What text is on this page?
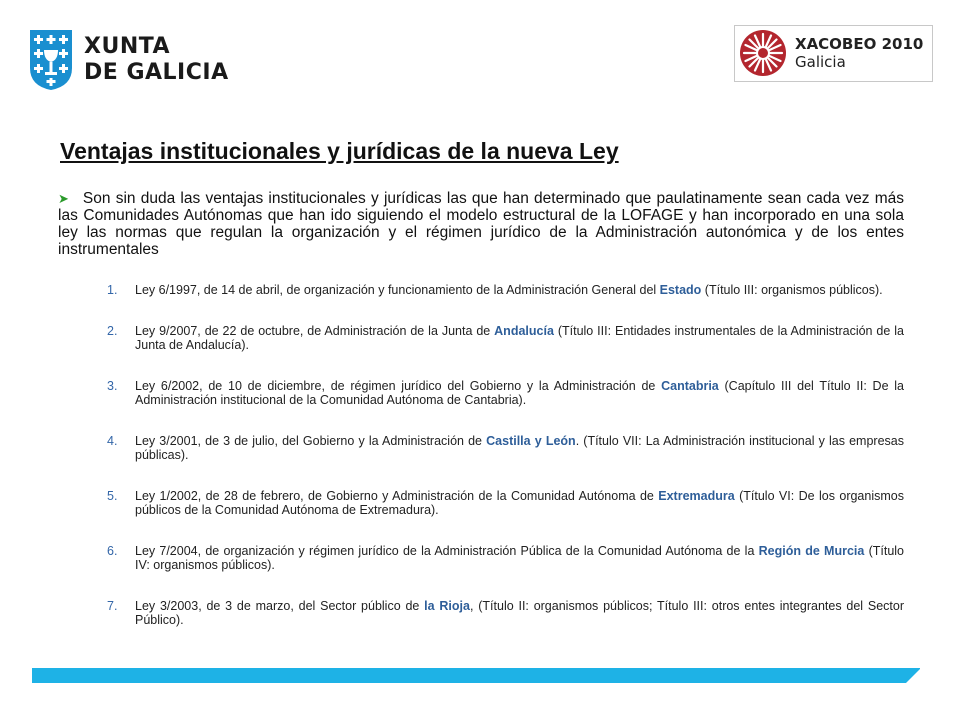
XUNTA
DE GALICIA
XACOBEO 2010
Galicia
Ventajas institucionales y jurídicas de la nueva Ley
➤ Son sin duda las ventajas institucionales y jurídicas las que han determinado que paulatinamente sean cada vez más las Comunidades Autónomas que han ido siguiendo el modelo estructural de la LOFAGE y han incorporado en una sola ley las normas que regulan la organización y el régimen jurídico de la Administración autonómica y de los entes instrumentales
1. Ley 6/1997, de 14 de abril, de organización y funcionamiento de la Administración General del Estado (Título III: organismos públicos).
2. Ley 9/2007, de 22 de octubre, de Administración de la Junta de Andalucía (Título III: Entidades instrumentales de la Administración de la Junta de Andalucía).
3. Ley 6/2002, de 10 de diciembre, de régimen jurídico del Gobierno y la Administración de Cantabria (Capítulo III del Título II: De la Administración institucional de la Comunidad Autónoma de Cantabria).
4. Ley 3/2001, de 3 de julio, del Gobierno y la Administración de Castilla y León. (Título VII: La Administración institucional y las empresas públicas).
5. Ley 1/2002, de 28 de febrero, de Gobierno y Administración de la Comunidad Autónoma de Extremadura (Título VI: De los organismos públicos de la Comunidad Autónoma de Extremadura).
6. Ley 7/2004, de organización y régimen jurídico de la Administración Pública de la Comunidad Autónoma de la Región de Murcia (Título IV: organismos públicos).
7. Ley 3/2003, de 3 de marzo, del Sector público de la Rioja, (Título II: organismos públicos; Título III: otros entes integrantes del Sector Público).
